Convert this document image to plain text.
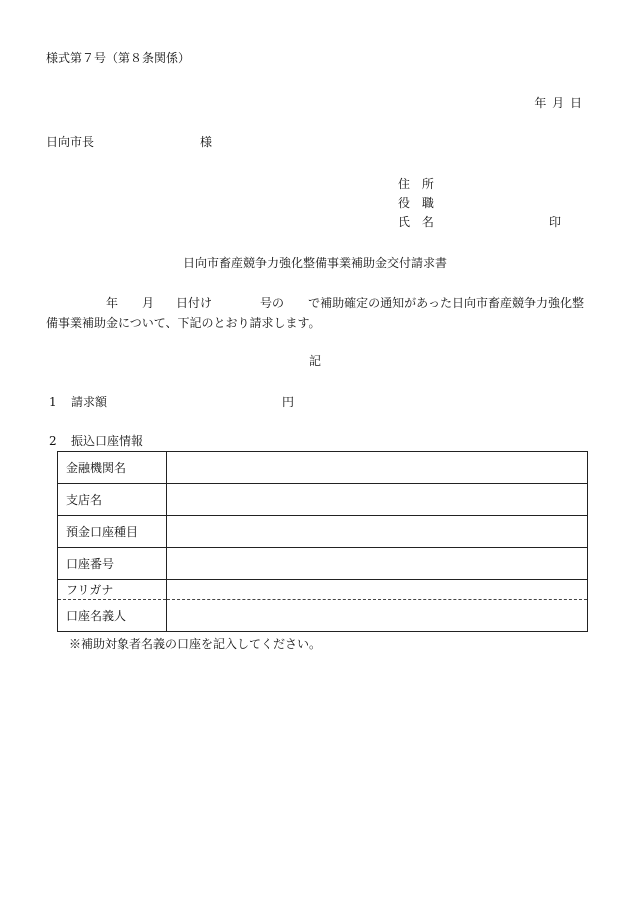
様式第７号（第８条関係）
年 月 日
日向市長	様
住 所
役 職
氏 名	印
日向市畜産競争力強化整備事業補助金交付請求書
年 月 日付け	号の で補助確定の通知があった日向市畜産競争力強化整備事業補助金について、下記のとおり請求します。
記
1 請求額	円
2 振込口座情報
金融機関名	
支店名	
預金口座種目	
口座番号	
フリガナ	
口座名義人	
※補助対象者名義の口座を記入してください。
